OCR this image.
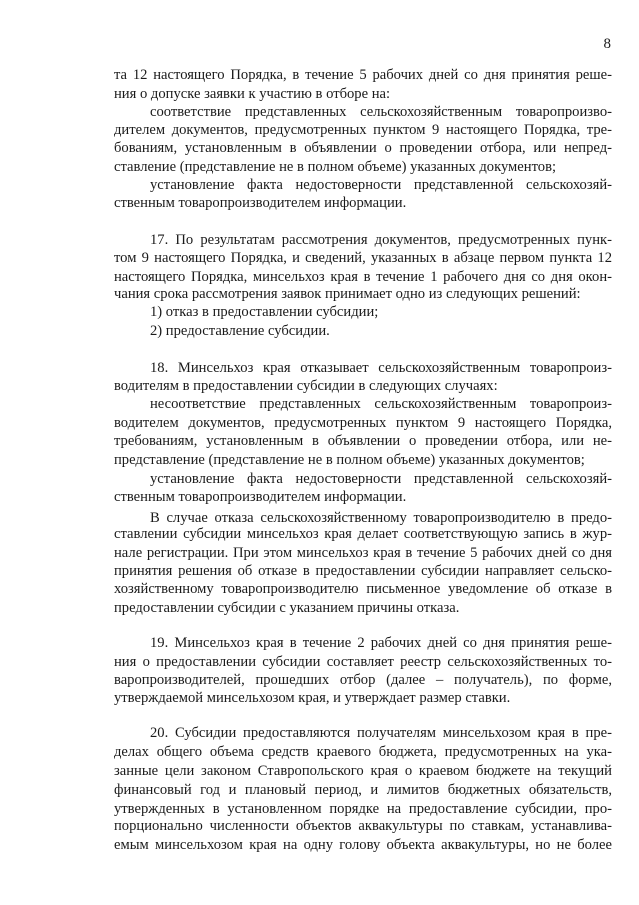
8
та 12 настоящего Порядка, в течение 5 рабочих дней со дня принятия реше-
ния о допуске заявки к участию в отборе на:
соответствие представленных сельскохозяйственным товаропроизво-
дителем документов, предусмотренных пунктом 9 настоящего Порядка, тре-
бованиям, установленным в объявлении о проведении отбора, или непред-
ставление (представление не в полном объеме) указанных документов;
установление факта недостоверности представленной сельскохозяй-
ственным товаропроизводителем информации.
17. По результатам рассмотрения документов, предусмотренных пунк-
том 9 настоящего Порядка, и сведений, указанных в абзаце первом пункта 12
настоящего Порядка, минсельхоз края в течение 1 рабочего дня со дня окон-
чания срока рассмотрения заявок принимает одно из следующих решений:
1) отказ в предоставлении субсидии;
2) предоставление субсидии.
18. Минсельхоз края отказывает сельскохозяйственным товаропроиз-
водителям в предоставлении субсидии в следующих случаях:
несоответствие представленных сельскохозяйственным товаропроиз-
водителем документов, предусмотренных пунктом 9 настоящего Порядка,
требованиям, установленным в объявлении о проведении отбора, или не-
представление (представление не в полном объеме) указанных документов;
установление факта недостоверности представленной сельскохозяй-
ственным товаропроизводителем информации.
В случае отказа сельскохозяйственному товаропроизводителю в предо-
ставлении субсидии минсельхоз края делает соответствующую запись в жур-
нале регистрации. При этом минсельхоз края в течение 5 рабочих дней со дня
принятия решения об отказе в предоставлении субсидии направляет сельско-
хозяйственному товаропроизводителю письменное уведомление об отказе в
предоставлении субсидии с указанием причины отказа.
19. Минсельхоз края в течение 2 рабочих дней со дня принятия реше-
ния о предоставлении субсидии составляет реестр сельскохозяйственных то-
варопроизводителей, прошедших отбор (далее – получатель), по форме,
утверждаемой минсельхозом края, и утверждает размер ставки.
20. Субсидии предоставляются получателям минсельхозом края в пре-
делах общего объема средств краевого бюджета, предусмотренных на ука-
занные цели законом Ставропольского края о краевом бюджете на текущий
финансовый год и плановый период, и лимитов бюджетных обязательств,
утвержденных в установленном порядке на предоставление субсидии, про-
порционально численности объектов аквакультуры по ставкам, устанавлива-
емым минсельхозом края на одну голову объекта аквакультуры, но не более
